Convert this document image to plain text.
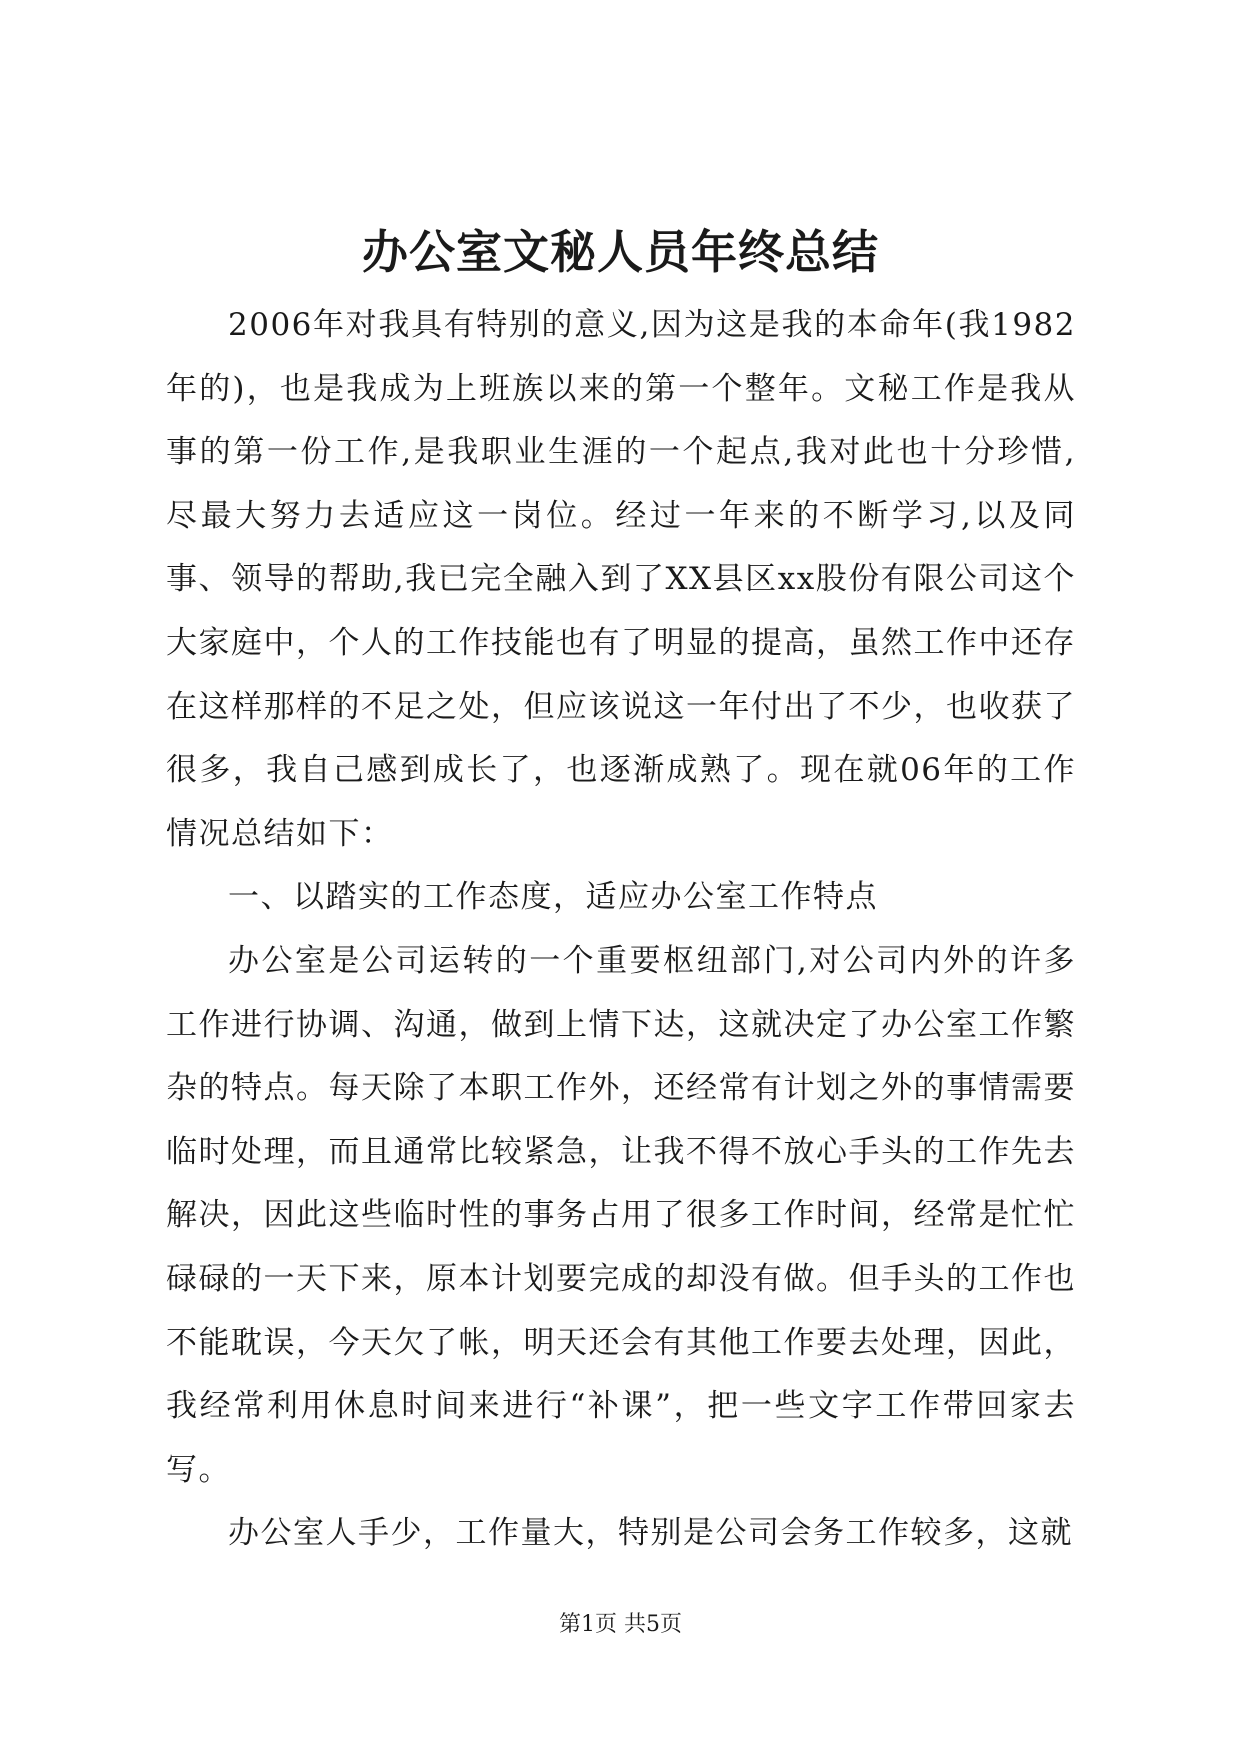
办公室文秘人员年终总结

2006年对我具有特别的意义,因为这是我的本命年(我1982年的)，也是我成为上班族以来的第一个整年。文秘工作是我从事的第一份工作,是我职业生涯的一个起点,我对此也十分珍惜,尽最大努力去适应这一岗位。经过一年来的不断学习,以及同事、领导的帮助,我已完全融入到了XX县区xx股份有限公司这个大家庭中，个人的工作技能也有了明显的提高，虽然工作中还存在这样那样的不足之处，但应该说这一年付出了不少，也收获了很多，我自己感到成长了，也逐渐成熟了。现在就06年的工作情况总结如下：

一、以踏实的工作态度，适应办公室工作特点

办公室是公司运转的一个重要枢纽部门,对公司内外的许多工作进行协调、沟通，做到上情下达，这就决定了办公室工作繁杂的特点。每天除了本职工作外，还经常有计划之外的事情需要临时处理，而且通常比较紧急，让我不得不放心手头的工作先去解决，因此这些临时性的事务占用了很多工作时间，经常是忙忙碌碌的一天下来，原本计划要完成的却没有做。但手头的工作也不能耽误，今天欠了帐，明天还会有其他工作要去处理，因此，我经常利用休息时间来进行“补课”，把一些文字工作带回家去写。

办公室人手少，工作量大，特别是公司会务工作较多，这就

第1页 共5页
